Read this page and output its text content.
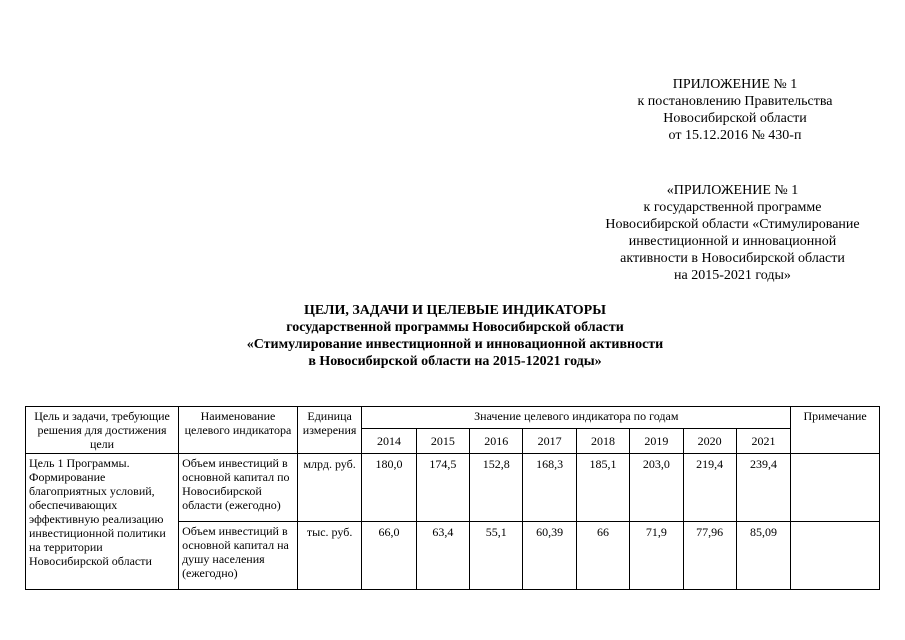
ПРИЛОЖЕНИЕ № 1
к постановлению Правительства
Новосибирской области
от 15.12.2016 № 430-п
«ПРИЛОЖЕНИЕ № 1
к государственной программе
Новосибирской области «Стимулирование
инвестиционной и инновационной
активности в Новосибирской области
на 2015-2021 годы»
ЦЕЛИ, ЗАДАЧИ И ЦЕЛЕВЫЕ ИНДИКАТОРЫ
государственной программы Новосибирской области
«Стимулирование инвестиционной и инновационной активности
в Новосибирской области на 2015-12021 годы»
Цель и задачи, требующие решения для достижения цели	Наименование целевого индикатора	Единица измерения	Значение целевого индикатора по годам								Примечание
			2014	2015	2016	2017	2018	2019	2020	2021	
Цель 1 Программы. Формирование благоприятных условий, обеспечивающих эффективную реализацию инвестиционной политики на территории Новосибирской области	Объем инвестиций в основной капитал по Новосибирской области (ежегодно)	млрд. руб.	180,0	174,5	152,8	168,3	185,1	203,0	219,4	239,4	
	Объем инвестиций в основной капитал на душу населения (ежегодно)	тыс. руб.	66,0	63,4	55,1	60,39	66	71,9	77,96	85,09	
